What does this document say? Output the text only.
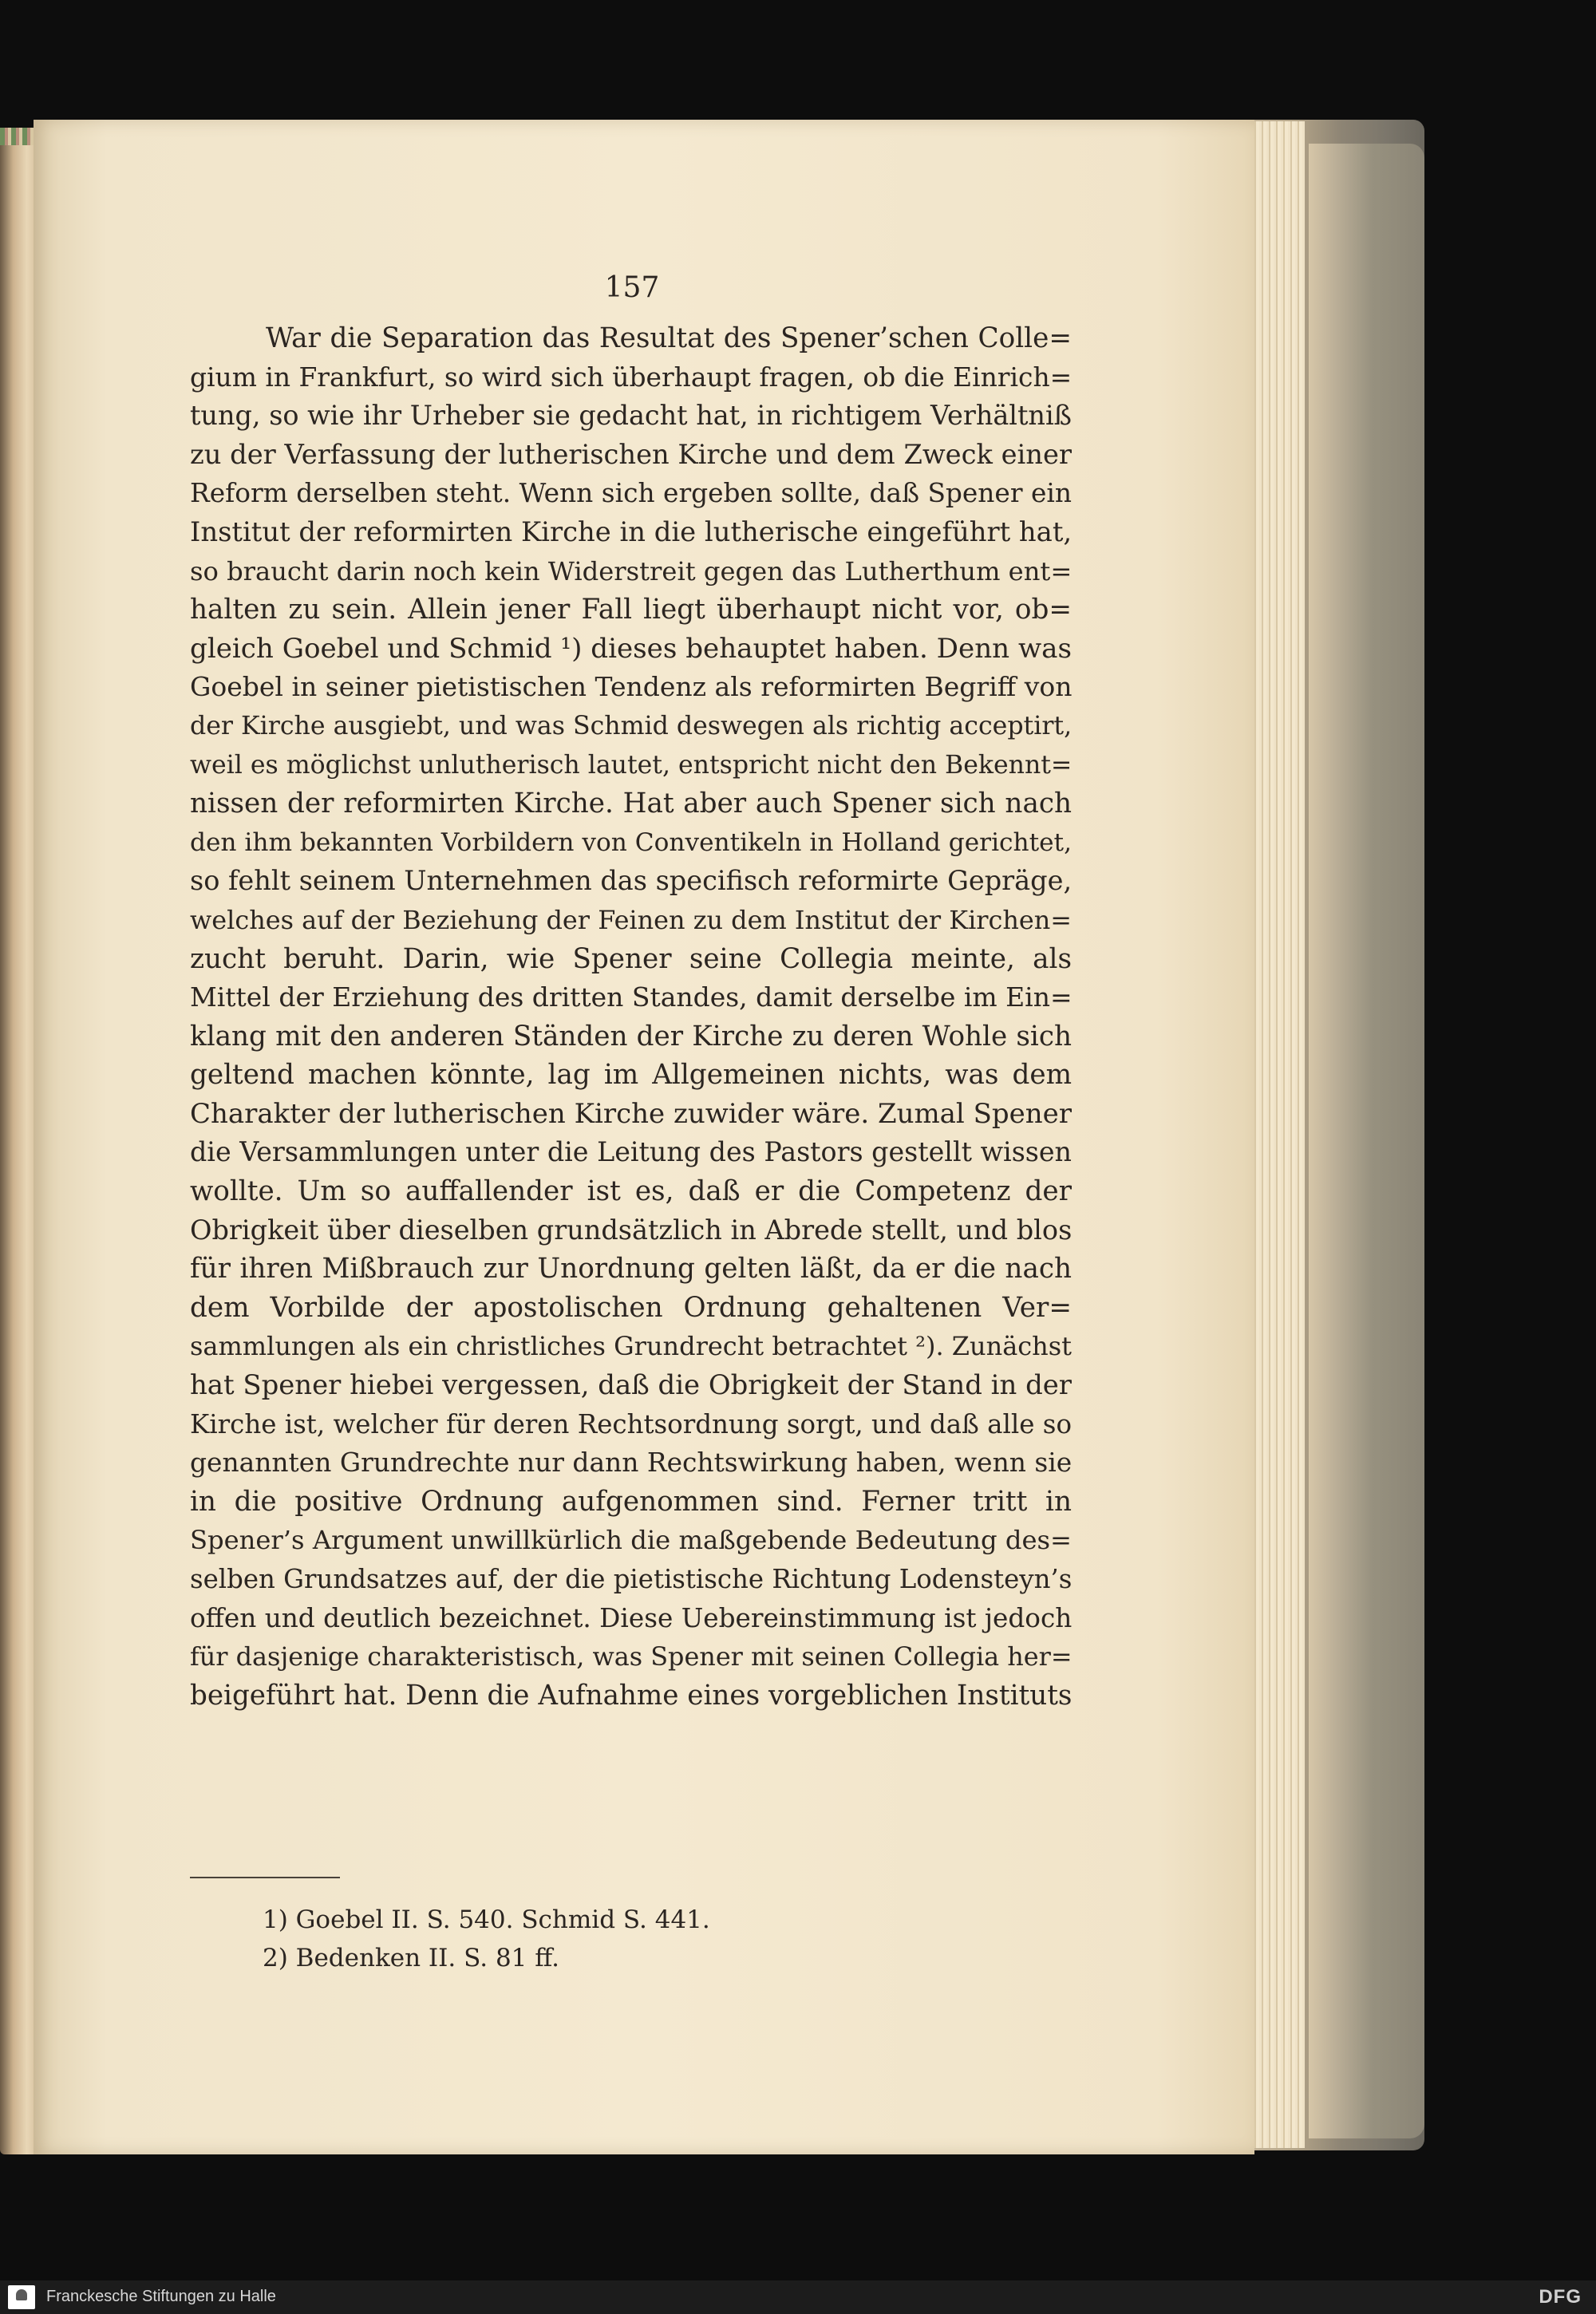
157
War die Separation das Resultat des Spener’schen Colle=
gium in Frankfurt, so wird sich überhaupt fragen, ob die Einrich=
tung, so wie ihr Urheber sie gedacht hat, in richtigem Verhältniß
zu der Verfassung der lutherischen Kirche und dem Zweck einer
Reform derselben steht. Wenn sich ergeben sollte, daß Spener ein
Institut der reformirten Kirche in die lutherische eingeführt hat,
so braucht darin noch kein Widerstreit gegen das Lutherthum ent=
halten zu sein. Allein jener Fall liegt überhaupt nicht vor, ob=
gleich Goebel und Schmid ¹) dieses behauptet haben. Denn was
Goebel in seiner pietistischen Tendenz als reformirten Begriff von
der Kirche ausgiebt, und was Schmid deswegen als richtig acceptirt,
weil es möglichst unlutherisch lautet, entspricht nicht den Bekennt=
nissen der reformirten Kirche. Hat aber auch Spener sich nach
den ihm bekannten Vorbildern von Conventikeln in Holland gerichtet,
so fehlt seinem Unternehmen das specifisch reformirte Gepräge,
welches auf der Beziehung der Feinen zu dem Institut der Kirchen=
zucht beruht. Darin, wie Spener seine Collegia meinte, als
Mittel der Erziehung des dritten Standes, damit derselbe im Ein=
klang mit den anderen Ständen der Kirche zu deren Wohle sich
geltend machen könnte, lag im Allgemeinen nichts, was dem
Charakter der lutherischen Kirche zuwider wäre. Zumal Spener
die Versammlungen unter die Leitung des Pastors gestellt wissen
wollte. Um so auffallender ist es, daß er die Competenz der
Obrigkeit über dieselben grundsätzlich in Abrede stellt, und blos
für ihren Mißbrauch zur Unordnung gelten läßt, da er die nach
dem Vorbilde der apostolischen Ordnung gehaltenen Ver=
sammlungen als ein christliches Grundrecht betrachtet ²). Zunächst
hat Spener hiebei vergessen, daß die Obrigkeit der Stand in der
Kirche ist, welcher für deren Rechtsordnung sorgt, und daß alle so
genannten Grundrechte nur dann Rechtswirkung haben, wenn sie
in die positive Ordnung aufgenommen sind. Ferner tritt in
Spener’s Argument unwillkürlich die maßgebende Bedeutung des=
selben Grundsatzes auf, der die pietistische Richtung Lodensteyn’s
offen und deutlich bezeichnet. Diese Uebereinstimmung ist jedoch
für dasjenige charakteristisch, was Spener mit seinen Collegia her=
beigeführt hat. Denn die Aufnahme eines vorgeblichen Instituts
1) Goebel II. S. 540. Schmid S. 441.
2) Bedenken II. S. 81 ff.
Franckesche Stiftungen zu Halle	DFG
